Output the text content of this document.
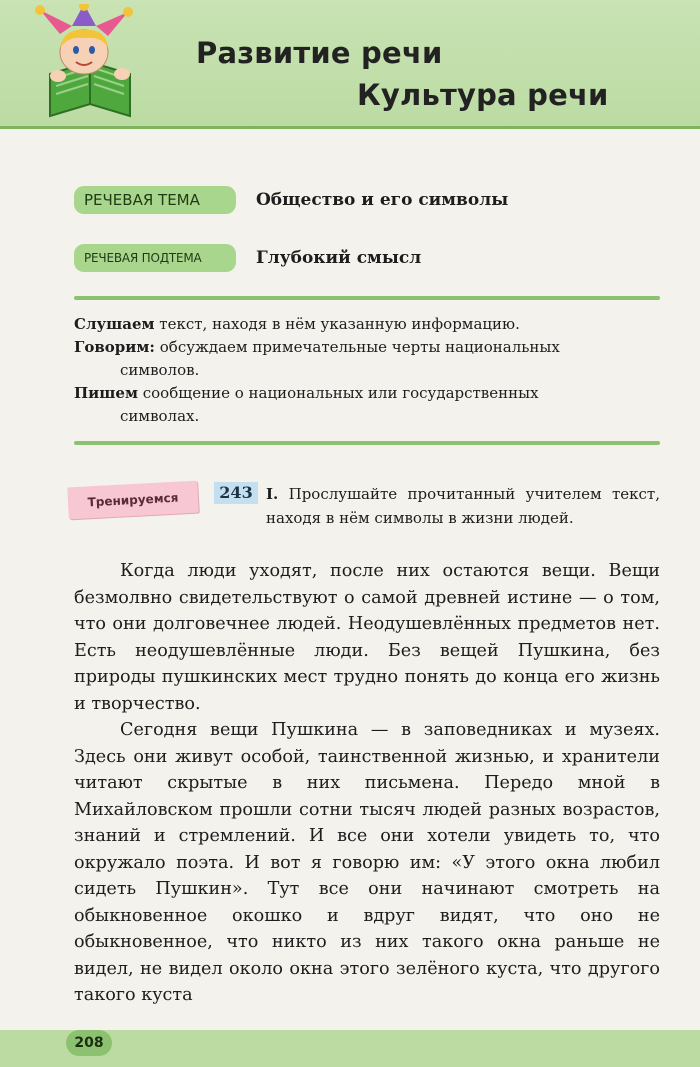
Развитие речи
Культура речи
РЕЧЕВАЯ ТЕМА	Общество и его символы
РЕЧЕВАЯ ПОДТЕМА	Глубокий смысл

Слушаем текст, находя в нём указанную информацию.

Говорим: обсуждаем примечательные черты национальных
символов.

Пишем сообщение о национальных или государственных
символах.

Тренируемся	243 I. Прослушайте прочитанный учителем текст, находя в нём символы в жизни людей.

Когда люди уходят, после них остаются вещи. Вещи безмолвно свидетельствуют о самой древней истине — о том, что они долговечнее людей. Неодушевлённых предметов нет. Есть неодушевлённые люди. Без вещей Пушкина, без природы пушкинских мест трудно понять до конца его жизнь и творчество.

Сегодня вещи Пушкина — в заповедниках и музеях. Здесь они живут особой, таинственной жизнью, и хранители читают скрытые в них письмена. Передо мной в Михайловском прошли сотни тысяч людей разных возрастов, знаний и стремлений. И все они хотели увидеть то, что окружало поэта. И вот я говорю им: «У этого окна любил сидеть Пушкин». Тут все они начинают смотреть на обыкновенное окошко и вдруг видят, что оно не обыкновенное, что никто из них такого окна раньше не видел, не видел около окна этого зелёного куста, что другого такого куста

208
